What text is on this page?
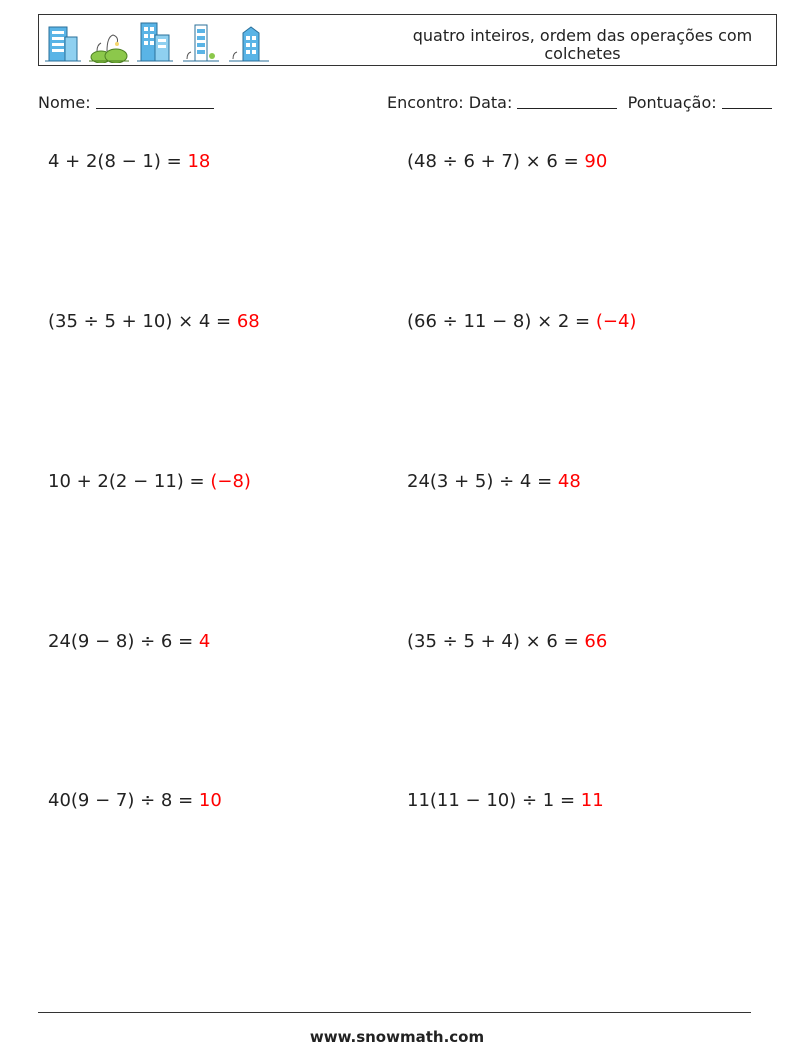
quatro inteiros, ordem das operações com colchetes
Nome:	Encontro: Data:	Pontuação:
4 + 2(8 − 1) = 18	(48 ÷ 6 + 7) × 6 = 90
(35 ÷ 5 + 10) × 4 = 68	(66 ÷ 11 − 8) × 2 = (−4)
10 + 2(2 − 11) = (−8)	24(3 + 5) ÷ 4 = 48
24(9 − 8) ÷ 6 = 4	(35 ÷ 5 + 4) × 6 = 66
40(9 − 7) ÷ 8 = 10	11(11 − 10) ÷ 1 = 11
www.snowmath.com
